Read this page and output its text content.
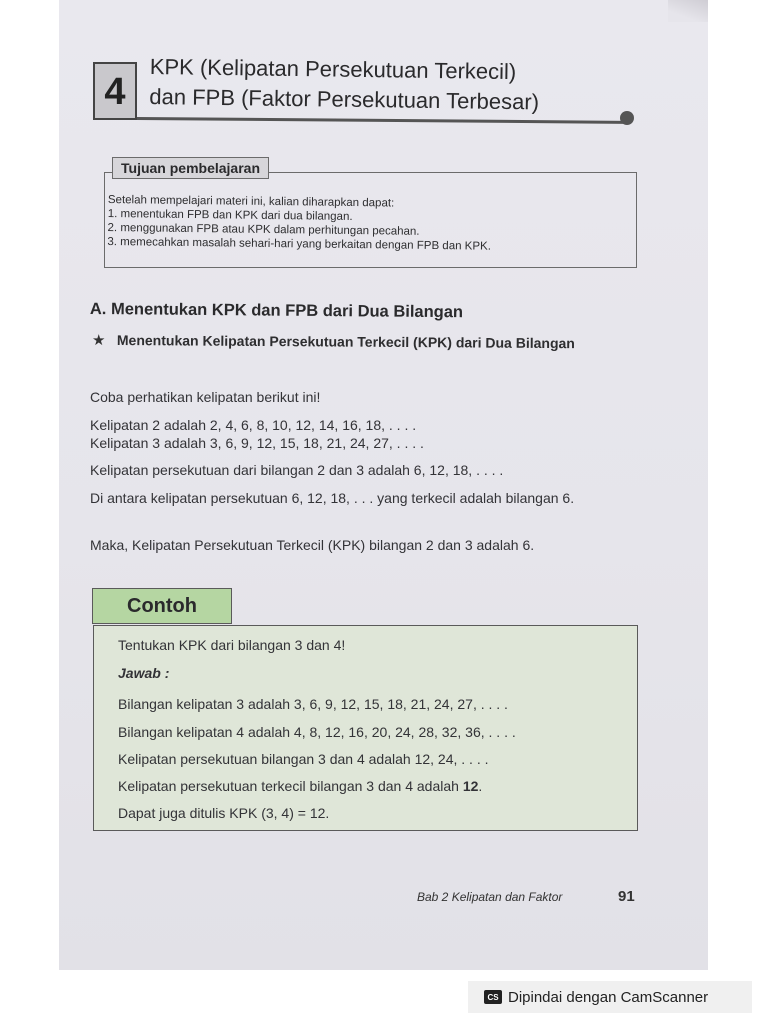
4
KPK (Kelipatan Persekutuan Terkecil)
dan FPB (Faktor Persekutuan Terbesar)
Tujuan pembelajaran
Setelah mempelajari materi ini, kalian diharapkan dapat:
1. menentukan FPB dan KPK dari dua bilangan.
2. menggunakan FPB atau KPK dalam perhitungan pecahan.
3. memecahkan masalah sehari-hari yang berkaitan dengan FPB dan KPK.
A. Menentukan KPK dan FPB dari Dua Bilangan
★ Menentukan Kelipatan Persekutuan Terkecil (KPK) dari Dua Bilangan
Coba perhatikan kelipatan berikut ini!
Kelipatan 2 adalah 2, 4, 6, 8, 10, 12, 14, 16, 18, . . . .
Kelipatan 3 adalah 3, 6, 9, 12, 15, 18, 21, 24, 27, . . . .
Kelipatan persekutuan dari bilangan 2 dan 3 adalah 6, 12, 18, . . . .
Di antara kelipatan persekutuan 6, 12, 18, . . . yang terkecil adalah bilangan 6.
Maka, Kelipatan Persekutuan Terkecil (KPK) bilangan 2 dan 3 adalah 6.
Contoh
Tentukan KPK dari bilangan 3 dan 4!
Jawab :
Bilangan kelipatan 3 adalah 3, 6, 9, 12, 15, 18, 21, 24, 27, . . . .
Bilangan kelipatan 4 adalah 4, 8, 12, 16, 20, 24, 28, 32, 36, . . . .
Kelipatan persekutuan bilangan 3 dan 4 adalah 12, 24, . . . .
Kelipatan persekutuan terkecil bilangan 3 dan 4 adalah 12.
Dapat juga ditulis KPK (3, 4) = 12.
Bab 2 Kelipatan dan Faktor	91
CS Dipindai dengan CamScanner
